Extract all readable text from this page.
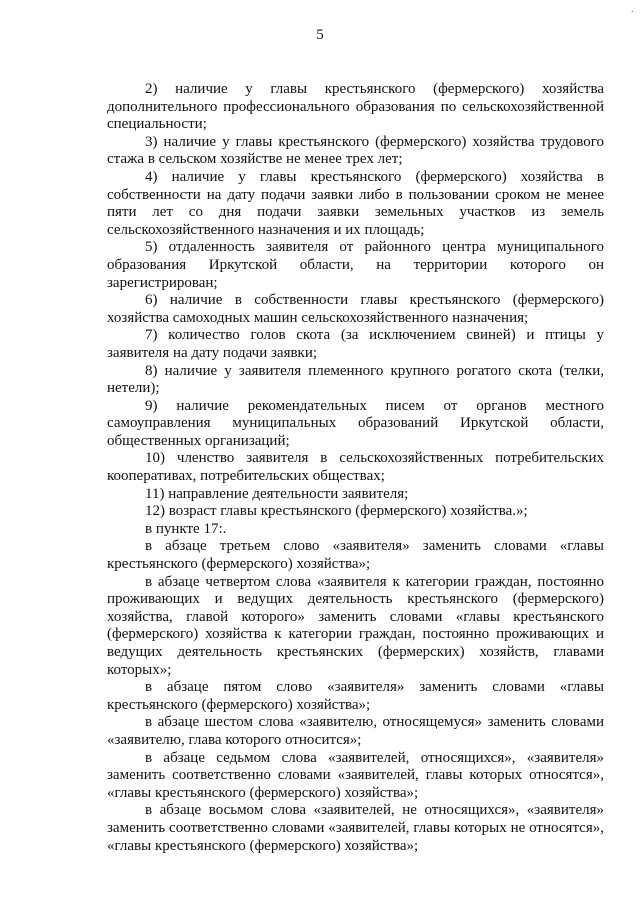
·
5

2) наличие у главы крестьянского (фермерского) хозяйства дополнительного профессионального образования по сельскохозяйственной специальности;

3) наличие у главы крестьянского (фермерского) хозяйства трудового стажа в сельском хозяйстве не менее трех лет;

4) наличие у главы крестьянского (фермерского) хозяйства в собственности на дату подачи заявки либо в пользовании сроком не менее пяти лет со дня подачи заявки земельных участков из земель сельскохозяйственного назначения и их площадь;

5) отдаленность заявителя от районного центра муниципального образования Иркутской области, на территории которого он зарегистрирован;

6) наличие в собственности главы крестьянского (фермерского) хозяйства самоходных машин сельскохозяйственного назначения;

7) количество голов скота (за исключением свиней) и птицы у заявителя на дату подачи заявки;

8) наличие у заявителя племенного крупного рогатого скота (телки, нетели);

9) наличие рекомендательных писем от органов местного самоуправления муниципальных образований Иркутской области, общественных организаций;

10) членство заявителя в сельскохозяйственных потребительских кооперативах, потребительских обществах;

11) направление деятельности заявителя;

12) возраст главы крестьянского (фермерского) хозяйства.»;

в пункте 17:.

в абзаце третьем слово «заявителя» заменить словами «главы крестьянского (фермерского) хозяйства»;

в абзаце четвертом слова «заявителя к категории граждан, постоянно проживающих и ведущих деятельность крестьянского (фермерского) хозяйства, главой которого» заменить словами «главы крестьянского (фермерского) хозяйства к категории граждан, постоянно проживающих и ведущих деятельность крестьянских (фермерских) хозяйств, главами которых»;

в абзаце пятом слово «заявителя» заменить словами «главы крестьянского (фермерского) хозяйства»;

в абзаце шестом слова «заявителю, относящемуся» заменить словами «заявителю, глава которого относится»;

в абзаце седьмом слова «заявителей, относящихся», «заявителя» заменить соответственно словами «заявителей, главы которых относятся», «главы крестьянского (фермерского) хозяйства»;

в абзаце восьмом слова «заявителей, не относящихся», «заявителя» заменить соответственно словами «заявителей, главы которых не относятся», «главы крестьянского (фермерского) хозяйства»;
